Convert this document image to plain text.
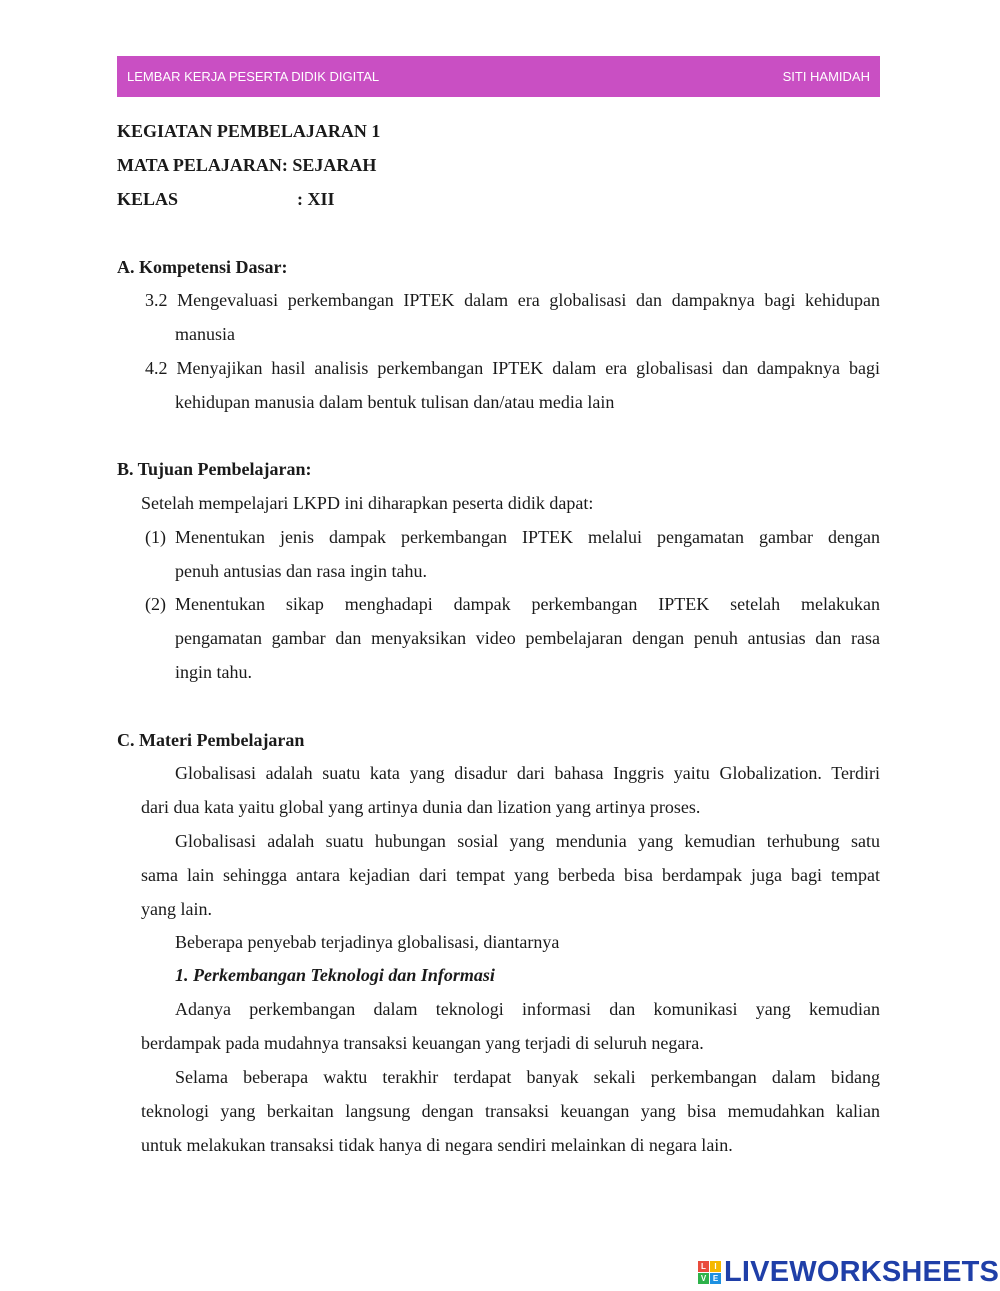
LEMBAR KERJA PESERTA DIDIK DIGITAL	SITI HAMIDAH
KEGIATAN PEMBELAJARAN 1
MATA PELAJARAN: SEJARAH
KELAS	: XII
A. Kompetensi Dasar:
3.2 Mengevaluasi perkembangan IPTEK dalam era globalisasi dan dampaknya bagi kehidupan
manusia
4.2 Menyajikan hasil analisis perkembangan IPTEK dalam era globalisasi dan dampaknya bagi
kehidupan manusia dalam bentuk tulisan dan/atau media lain
B. Tujuan Pembelajaran:
Setelah mempelajari LKPD ini diharapkan peserta didik dapat:
(1) Menentukan jenis dampak perkembangan IPTEK melalui pengamatan gambar dengan
penuh antusias dan rasa ingin tahu.
(2) Menentukan sikap menghadapi dampak perkembangan IPTEK setelah melakukan
pengamatan gambar dan menyaksikan video pembelajaran dengan penuh antusias dan rasa
ingin tahu.
C. Materi Pembelajaran
Globalisasi adalah suatu kata yang disadur dari bahasa Inggris yaitu Globalization. Terdiri
dari dua kata yaitu global yang artinya dunia dan lization yang artinya proses.
Globalisasi adalah suatu hubungan sosial yang mendunia yang kemudian terhubung satu
sama lain sehingga antara kejadian dari tempat yang berbeda bisa berdampak juga bagi tempat
yang lain.
Beberapa penyebab terjadinya globalisasi, diantarnya
1. Perkembangan Teknologi dan Informasi
Adanya perkembangan dalam teknologi informasi dan komunikasi yang kemudian
berdampak pada mudahnya transaksi keuangan yang terjadi di seluruh negara.
Selama beberapa waktu terakhir terdapat banyak sekali perkembangan dalam bidang
teknologi yang berkaitan langsung dengan transaksi keuangan yang bisa memudahkan kalian
untuk melakukan transaksi tidak hanya di negara sendiri melainkan di negara lain.
L	I
V E LIVEWORKSHEETS
